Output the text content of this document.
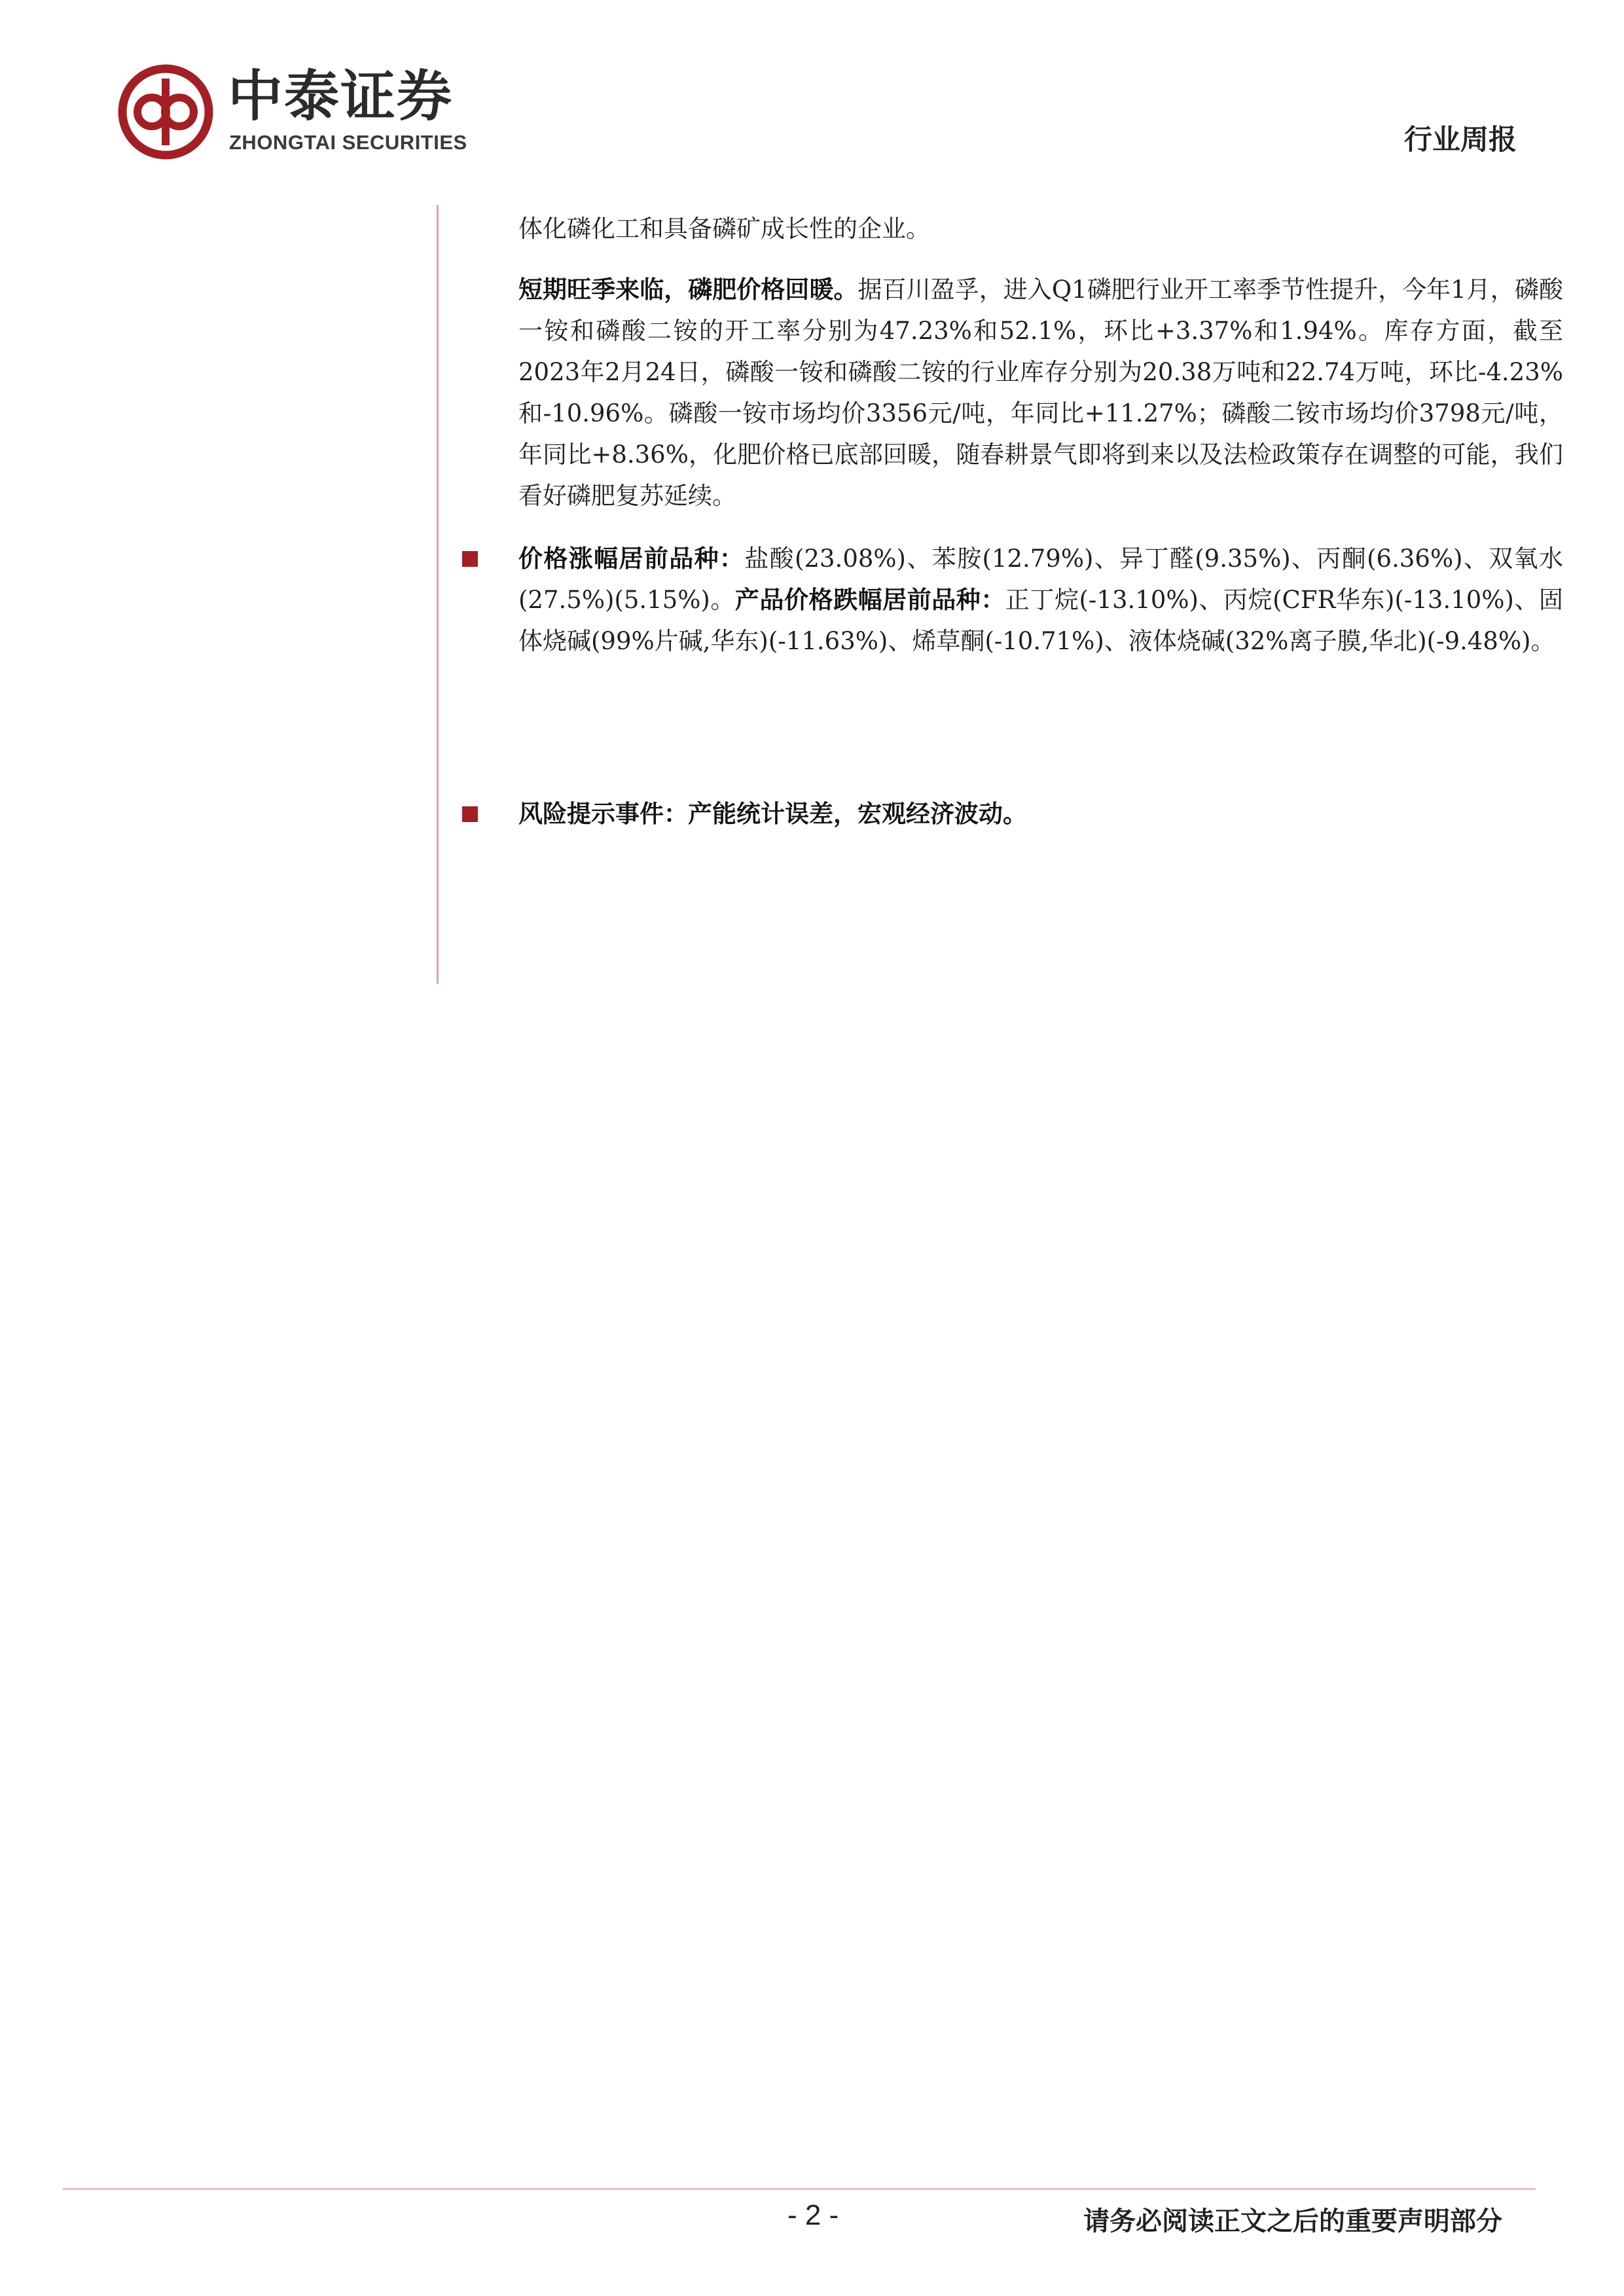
中泰证券
ZHONGTAI SECURITIES	行业周报
体化磷化工和具备磷矿成长性的企业。
短期旺季来临，磷肥价格回暖。据百川盈孚，进入Q1磷肥行业开工率季节性提升，今年1月，磷酸一铵和磷酸二铵的开工率分别为47.23%和52.1%，环比+3.37%和1.94%。库存方面，截至2023年2月24日，磷酸一铵和磷酸二铵的行业库存分别为20.38万吨和22.74万吨，环比-4.23%和-10.96%。磷酸一铵市场均价3356元/吨，年同比+11.27%；磷酸二铵市场均价3798元/吨，年同比+8.36%，化肥价格已底部回暖，随春耕景气即将到来以及法检政策存在调整的可能，我们看好磷肥复苏延续。
价格涨幅居前品种：盐酸(23.08%)、苯胺(12.79%)、异丁醛(9.35%)、丙酮(6.36%)、双氧水(27.5%)(5.15%)。产品价格跌幅居前品种：正丁烷(-13.10%)、丙烷(CFR华东)(-13.10%)、固体烧碱(99%片碱,华东)(-11.63%)、烯草酮(-10.71%)、液体烧碱(32%离子膜,华北)(-9.48%)。
风险提示事件：产能统计误差，宏观经济波动。
- 2 -	请务必阅读正文之后的重要声明部分
